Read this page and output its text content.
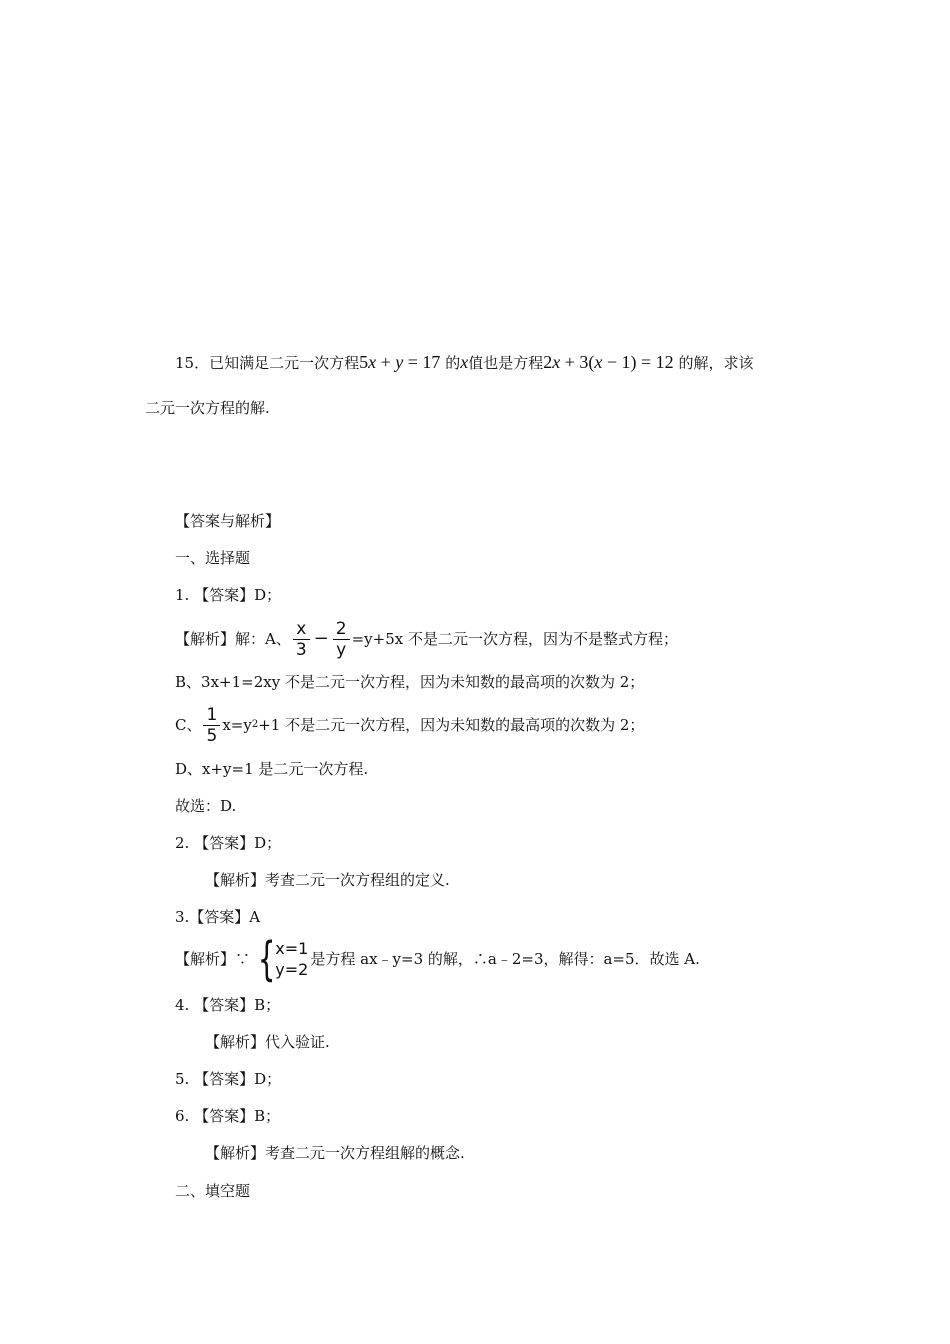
15．已知满足二元一次方程5x + y = 17 的x值也是方程2x + 3(x − 1) = 12 的解，求该
二元一次方程的解.
【答案与解析】
一、选择题
1. 【答案】D；
【解析】解：A、 $\frac{x}{3} - \frac{2}{y} =y+5x$ 不是二元一次方程，因为不是整式方程；
B、3x+1=2xy 不是二元一次方程，因为未知数的最高项的次数为 2；
C、 $\frac{1}{5} x=y$ 2 +1 不是二元一次方程，因为未知数的最高项的次数为 2；
D、x+y=1 是二元一次方程.
故选：D.
2. 【答案】D；
【解析】考查二元一次方程组的定义.
3.【答案】A
【解析】∵ { x=1
y=2
是方程 ax﹣y=3 的解，∴a﹣2=3，解得：a=5．故选 A.
4. 【答案】B；
【解析】代入验证.
5. 【答案】D；
6. 【答案】B；
【解析】考查二元一次方程组解的概念.
二、填空题
